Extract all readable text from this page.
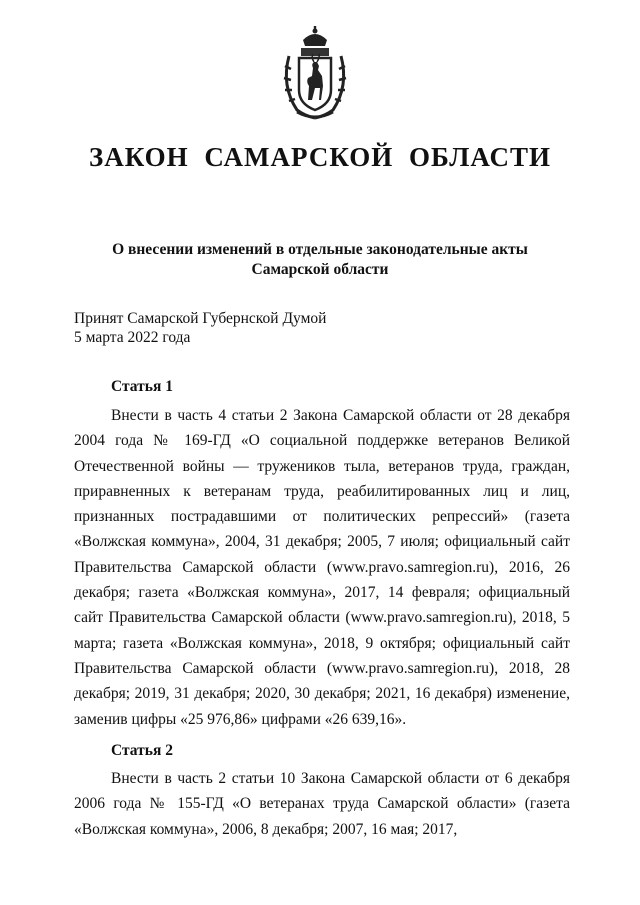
ЗАКОН САМАРСКОЙ ОБЛАСТИ
О внесении изменений в отдельные законодательные акты
Самарской области
Принят Самарской Губернской Думой
5 марта 2022 года
Статья 1
Внести в часть 4 статьи 2 Закона Самарской области от 28 декабря 2004 года № 169-ГД «О социальной поддержке ветеранов Великой Отечественной войны — тружеников тыла, ветеранов труда, граждан, приравненных к ветеранам труда, реабилитированных лиц и лиц, признанных пострадавшими от политических репрессий» (газета «Волжская коммуна», 2004, 31 декабря; 2005, 7 июля; официальный сайт Правительства Самарской области (www.pravo.samregion.ru), 2016, 26 декабря; газета «Волжская коммуна», 2017, 14 февраля; официальный сайт Правительства Самарской области (www.pravo.samregion.ru), 2018, 5 марта; газета «Волжская коммуна», 2018, 9 октября; официальный сайт Правительства Самарской области (www.pravo.samregion.ru), 2018, 28 декабря; 2019, 31 декабря; 2020, 30 декабря; 2021, 16 декабря) изменение, заменив цифры «25 976,86» цифрами «26 639,16».
Статья 2
Внести в часть 2 статьи 10 Закона Самарской области от 6 декабря 2006 года № 155-ГД «О ветеранах труда Самарской области» (газета «Волжская коммуна», 2006, 8 декабря; 2007, 16 мая; 2017,
